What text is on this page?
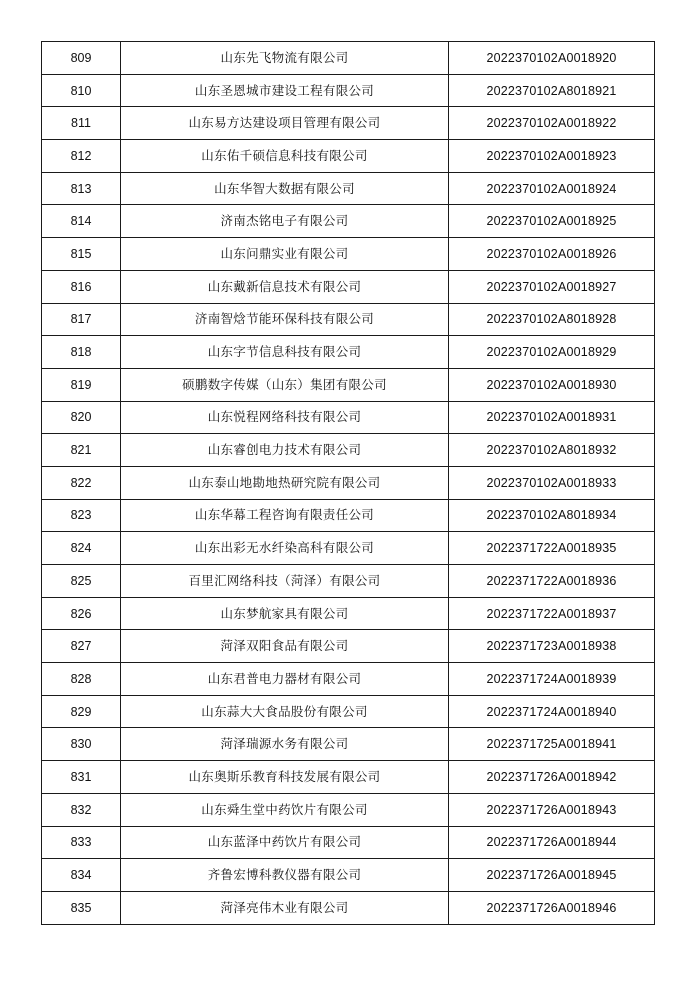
809	山东先飞物流有限公司	2022370102A0018920
810	山东圣恩城市建设工程有限公司	2022370102A8018921
811	山东易方达建设项目管理有限公司	2022370102A0018922
812	山东佑千硕信息科技有限公司	2022370102A0018923
813	山东华智大数据有限公司	2022370102A0018924
814	济南杰铭电子有限公司	2022370102A0018925
815	山东问鼎实业有限公司	2022370102A0018926
816	山东戴新信息技术有限公司	2022370102A0018927
817	济南智焓节能环保科技有限公司	2022370102A8018928
818	山东字节信息科技有限公司	2022370102A0018929
819	硕鹏数字传媒（山东）集团有限公司	2022370102A0018930
820	山东悦程网络科技有限公司	2022370102A0018931
821	山东睿创电力技术有限公司	2022370102A8018932
822	山东泰山地勘地热研究院有限公司	2022370102A0018933
823	山东华幕工程咨询有限责任公司	2022370102A8018934
824	山东出彩无水纤染高科有限公司	2022371722A0018935
825	百里汇网络科技（菏泽）有限公司	2022371722A0018936
826	山东梦航家具有限公司	2022371722A0018937
827	菏泽双阳食品有限公司	2022371723A0018938
828	山东君普电力器材有限公司	2022371724A0018939
829	山东蒜大大食品股份有限公司	2022371724A0018940
830	菏泽瑞源水务有限公司	2022371725A0018941
831	山东奥斯乐教育科技发展有限公司	2022371726A0018942
832	山东舜生堂中药饮片有限公司	2022371726A0018943
833	山东蓝泽中药饮片有限公司	2022371726A0018944
834	齐鲁宏博科教仪器有限公司	2022371726A0018945
835	菏泽亮伟木业有限公司	2022371726A0018946
